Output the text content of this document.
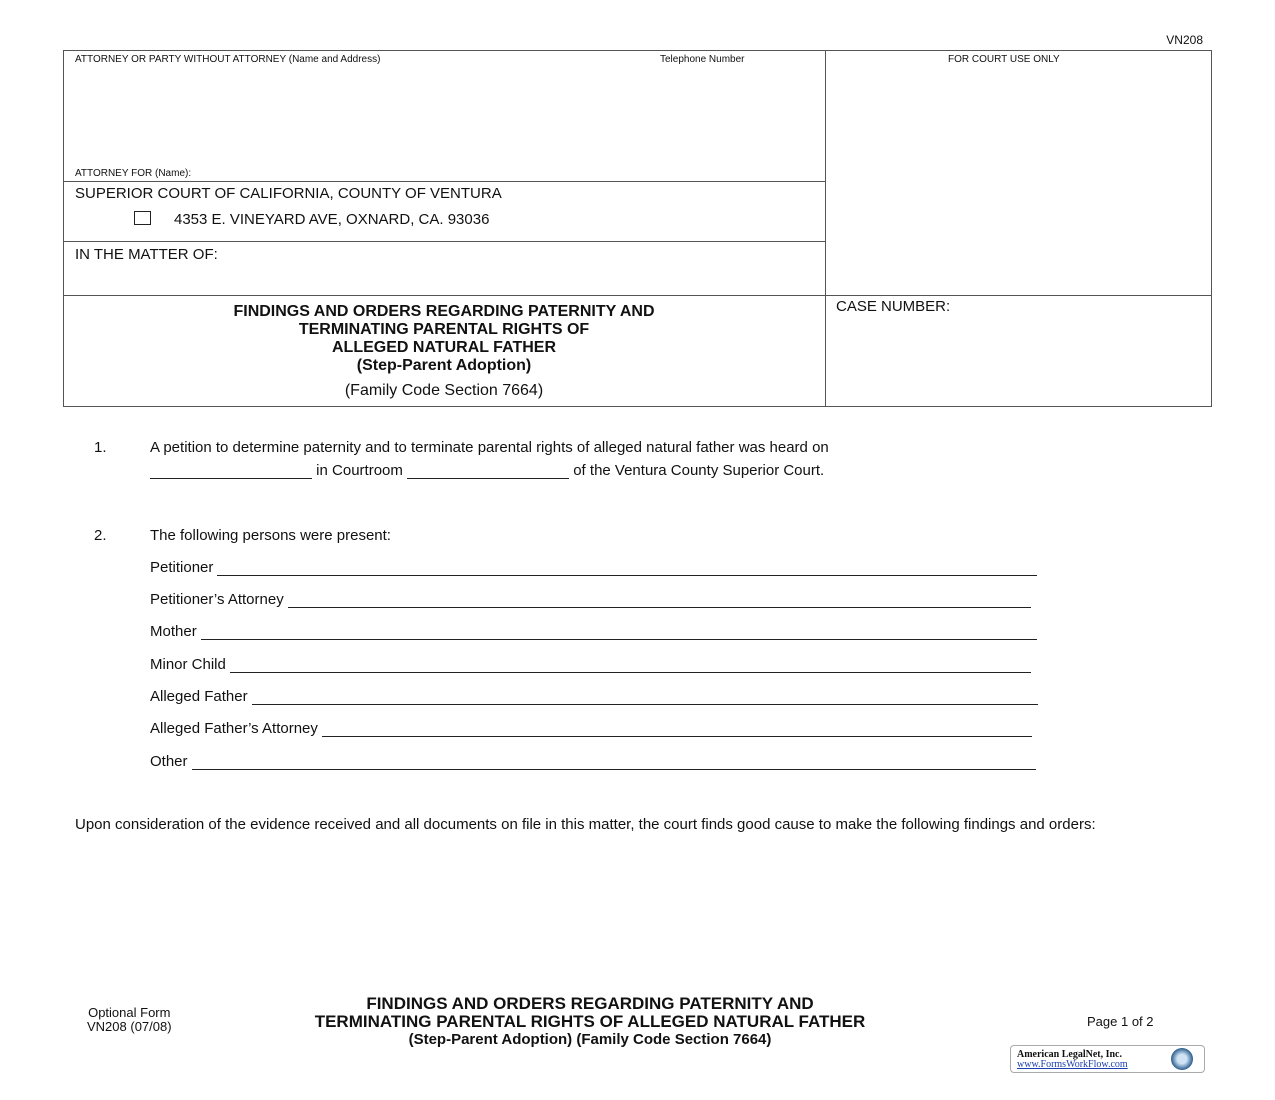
VN208
ATTORNEY OR PARTY WITHOUT ATTORNEY (Name and Address)	Telephone Number	FOR COURT USE ONLY
ATTORNEY FOR (Name):
SUPERIOR COURT OF CALIFORNIA, COUNTY OF VENTURA
4353 E. VINEYARD AVE, OXNARD, CA. 93036
IN THE MATTER OF:
CASE NUMBER:
FINDINGS AND ORDERS REGARDING PATERNITY AND
TERMINATING PARENTAL RIGHTS OF
ALLEGED NATURAL FATHER
(Step-Parent Adoption)
(Family Code Section 7664)
1.	A petition to determine paternity and to terminate parental rights of alleged natural father was heard on
in Courtroom	of the Ventura County Superior Court.
2.	The following persons were present:
Petitioner
Petitioner’s Attorney
Mother
Minor Child
Alleged Father
Alleged Father’s Attorney
Other
Upon consideration of the evidence received and all documents on file in this matter, the court finds good cause to make the following findings and orders:
Optional Form
VN208 (07/08)
FINDINGS AND ORDERS REGARDING PATERNITY AND
TERMINATING PARENTAL RIGHTS OF ALLEGED NATURAL FATHER
(Step-Parent Adoption) (Family Code Section 7664)
Page 1 of 2
American LegalNet, Inc.
www.FormsWorkFlow.com
